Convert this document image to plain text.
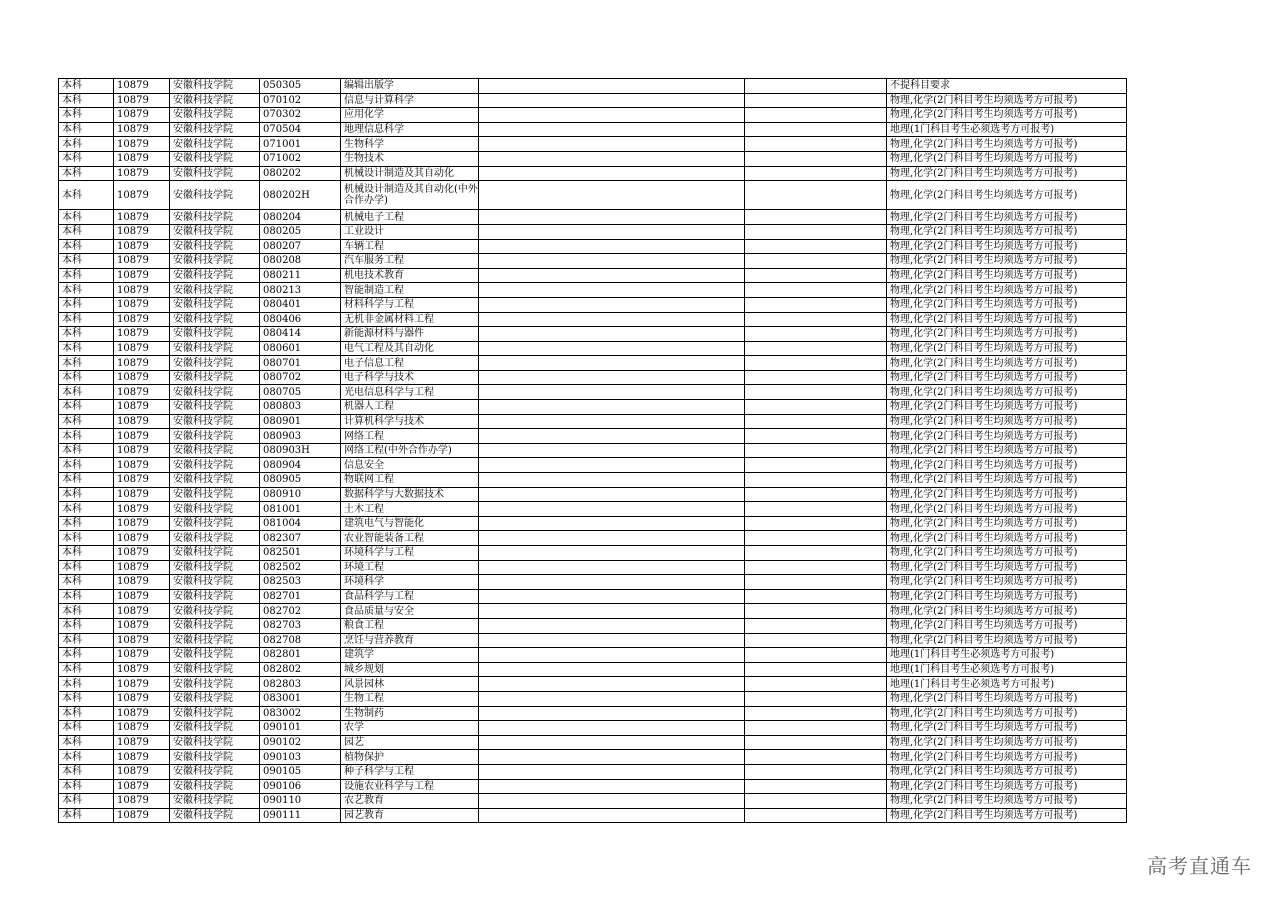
本科	10879	安徽科技学院	050305	编辑出版学			不提科目要求
本科	10879	安徽科技学院	070102	信息与计算科学			物理,化学(2门科目考生均须选考方可报考)
本科	10879	安徽科技学院	070302	应用化学			物理,化学(2门科目考生均须选考方可报考)
本科	10879	安徽科技学院	070504	地理信息科学			地理(1门科目考生必须选考方可报考)
本科	10879	安徽科技学院	071001	生物科学			物理,化学(2门科目考生均须选考方可报考)
本科	10879	安徽科技学院	071002	生物技术			物理,化学(2门科目考生均须选考方可报考)
本科	10879	安徽科技学院	080202	机械设计制造及其自动化			物理,化学(2门科目考生均须选考方可报考)
本科	10879	安徽科技学院	080202H	机械设计制造及其自动化(中外合作办学)			物理,化学(2门科目考生均须选考方可报考)
本科	10879	安徽科技学院	080204	机械电子工程			物理,化学(2门科目考生均须选考方可报考)
本科	10879	安徽科技学院	080205	工业设计			物理,化学(2门科目考生均须选考方可报考)
本科	10879	安徽科技学院	080207	车辆工程			物理,化学(2门科目考生均须选考方可报考)
本科	10879	安徽科技学院	080208	汽车服务工程			物理,化学(2门科目考生均须选考方可报考)
本科	10879	安徽科技学院	080211	机电技术教育			物理,化学(2门科目考生均须选考方可报考)
本科	10879	安徽科技学院	080213	智能制造工程			物理,化学(2门科目考生均须选考方可报考)
本科	10879	安徽科技学院	080401	材料科学与工程			物理,化学(2门科目考生均须选考方可报考)
本科	10879	安徽科技学院	080406	无机非金属材料工程			物理,化学(2门科目考生均须选考方可报考)
本科	10879	安徽科技学院	080414	新能源材料与器件			物理,化学(2门科目考生均须选考方可报考)
本科	10879	安徽科技学院	080601	电气工程及其自动化			物理,化学(2门科目考生均须选考方可报考)
本科	10879	安徽科技学院	080701	电子信息工程			物理,化学(2门科目考生均须选考方可报考)
本科	10879	安徽科技学院	080702	电子科学与技术			物理,化学(2门科目考生均须选考方可报考)
本科	10879	安徽科技学院	080705	光电信息科学与工程			物理,化学(2门科目考生均须选考方可报考)
本科	10879	安徽科技学院	080803	机器人工程			物理,化学(2门科目考生均须选考方可报考)
本科	10879	安徽科技学院	080901	计算机科学与技术			物理,化学(2门科目考生均须选考方可报考)
本科	10879	安徽科技学院	080903	网络工程			物理,化学(2门科目考生均须选考方可报考)
本科	10879	安徽科技学院	080903H	网络工程(中外合作办学)			物理,化学(2门科目考生均须选考方可报考)
本科	10879	安徽科技学院	080904	信息安全			物理,化学(2门科目考生均须选考方可报考)
本科	10879	安徽科技学院	080905	物联网工程			物理,化学(2门科目考生均须选考方可报考)
本科	10879	安徽科技学院	080910	数据科学与大数据技术			物理,化学(2门科目考生均须选考方可报考)
本科	10879	安徽科技学院	081001	土木工程			物理,化学(2门科目考生均须选考方可报考)
本科	10879	安徽科技学院	081004	建筑电气与智能化			物理,化学(2门科目考生均须选考方可报考)
本科	10879	安徽科技学院	082307	农业智能装备工程			物理,化学(2门科目考生均须选考方可报考)
本科	10879	安徽科技学院	082501	环境科学与工程			物理,化学(2门科目考生均须选考方可报考)
本科	10879	安徽科技学院	082502	环境工程			物理,化学(2门科目考生均须选考方可报考)
本科	10879	安徽科技学院	082503	环境科学			物理,化学(2门科目考生均须选考方可报考)
本科	10879	安徽科技学院	082701	食品科学与工程			物理,化学(2门科目考生均须选考方可报考)
本科	10879	安徽科技学院	082702	食品质量与安全			物理,化学(2门科目考生均须选考方可报考)
本科	10879	安徽科技学院	082703	粮食工程			物理,化学(2门科目考生均须选考方可报考)
本科	10879	安徽科技学院	082708	烹饪与营养教育			物理,化学(2门科目考生均须选考方可报考)
本科	10879	安徽科技学院	082801	建筑学			地理(1门科目考生必须选考方可报考)
本科	10879	安徽科技学院	082802	城乡规划			地理(1门科目考生必须选考方可报考)
本科	10879	安徽科技学院	082803	风景园林			地理(1门科目考生必须选考方可报考)
本科	10879	安徽科技学院	083001	生物工程			物理,化学(2门科目考生均须选考方可报考)
本科	10879	安徽科技学院	083002	生物制药			物理,化学(2门科目考生均须选考方可报考)
本科	10879	安徽科技学院	090101	农学			物理,化学(2门科目考生均须选考方可报考)
本科	10879	安徽科技学院	090102	园艺			物理,化学(2门科目考生均须选考方可报考)
本科	10879	安徽科技学院	090103	植物保护			物理,化学(2门科目考生均须选考方可报考)
本科	10879	安徽科技学院	090105	种子科学与工程			物理,化学(2门科目考生均须选考方可报考)
本科	10879	安徽科技学院	090106	设施农业科学与工程			物理,化学(2门科目考生均须选考方可报考)
本科	10879	安徽科技学院	090110	农艺教育			物理,化学(2门科目考生均须选考方可报考)
本科	10879	安徽科技学院	090111	园艺教育			物理,化学(2门科目考生均须选考方可报考)
高考直通车
